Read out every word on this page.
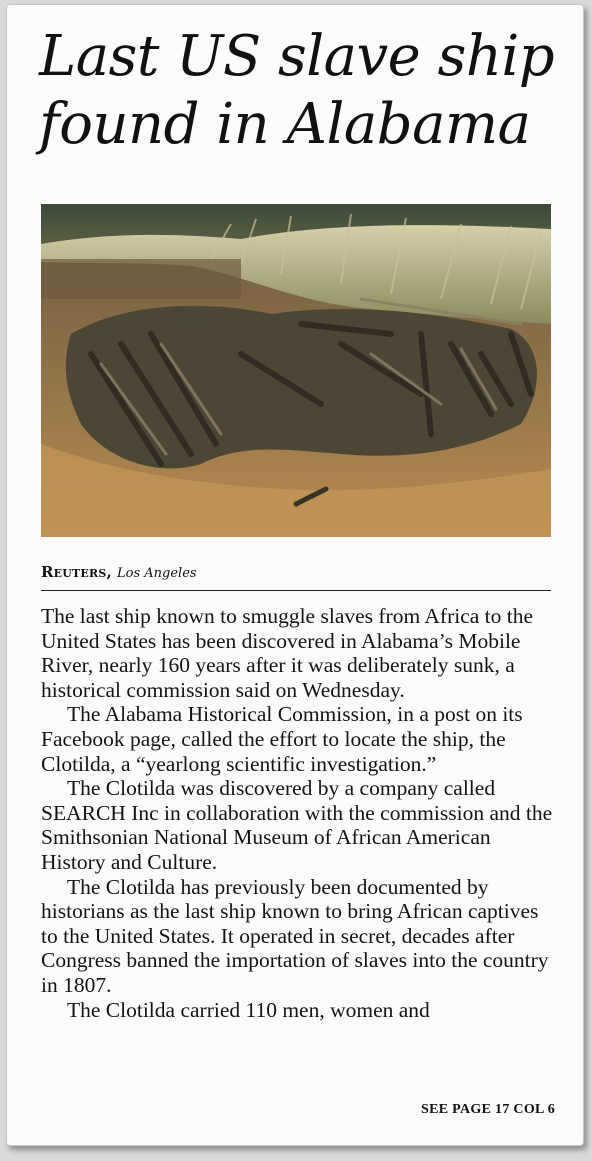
Last US slave ship found in Alabama
Reuters, Los Angeles

The last ship known to smuggle slaves from Africa to the United States has been discovered in Alabama’s Mobile River, nearly 160 years after it was deliberately sunk, a historical commission said on Wednesday.

The Alabama Historical Commission, in a post on its Facebook page, called the effort to locate the ship, the Clotilda, a “yearlong scientific investigation.”

The Clotilda was discovered by a company called SEARCH Inc in collaboration with the commission and the Smithsonian National Museum of African American History and Culture.

The Clotilda has previously been documented by historians as the last ship known to bring African captives to the United States. It operated in secret, decades after Congress banned the importation of slaves into the country in 1807.

The Clotilda carried 110 men, women and

SEE PAGE 17 COL 6
